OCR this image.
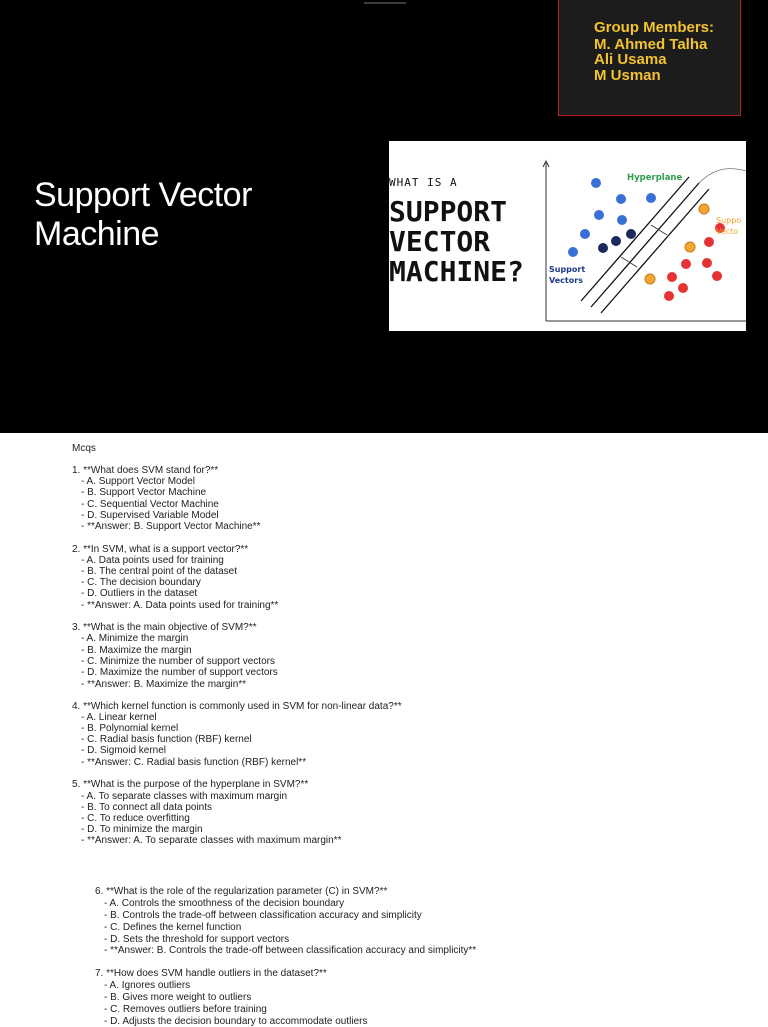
Group Members:
M. Ahmed Talha
Ali Usama
M Usman
Support Vector
Machine
WHAT IS A
SUPPORT
VECTOR
MACHINE?
Hyperplane
Support
Vectors
Suppo
Vecto
Mcqs
1. **What does SVM stand for?**
- A. Support Vector Model
- B. Support Vector Machine
- C. Sequential Vector Machine
- D. Supervised Variable Model
- **Answer: B. Support Vector Machine**
2. **In SVM, what is a support vector?**
- A. Data points used for training
- B. The central point of the dataset
- C. The decision boundary
- D. Outliers in the dataset
- **Answer: A. Data points used for training**
3. **What is the main objective of SVM?**
- A. Minimize the margin
- B. Maximize the margin
- C. Minimize the number of support vectors
- D. Maximize the number of support vectors
- **Answer: B. Maximize the margin**
4. **Which kernel function is commonly used in SVM for non-linear data?**
- A. Linear kernel
- B. Polynomial kernel
- C. Radial basis function (RBF) kernel
- D. Sigmoid kernel
- **Answer: C. Radial basis function (RBF) kernel**
5. **What is the purpose of the hyperplane in SVM?**
- A. To separate classes with maximum margin
- B. To connect all data points
- C. To reduce overfitting
- D. To minimize the margin
- **Answer: A. To separate classes with maximum margin**
6. **What is the role of the regularization parameter (C) in SVM?**
- A. Controls the smoothness of the decision boundary
- B. Controls the trade-off between classification accuracy and simplicity
- C. Defines the kernel function
- D. Sets the threshold for support vectors
- **Answer: B. Controls the trade-off between classification accuracy and simplicity**
7. **How does SVM handle outliers in the dataset?**
- A. Ignores outliers
- B. Gives more weight to outliers
- C. Removes outliers before training
- D. Adjusts the decision boundary to accommodate outliers
